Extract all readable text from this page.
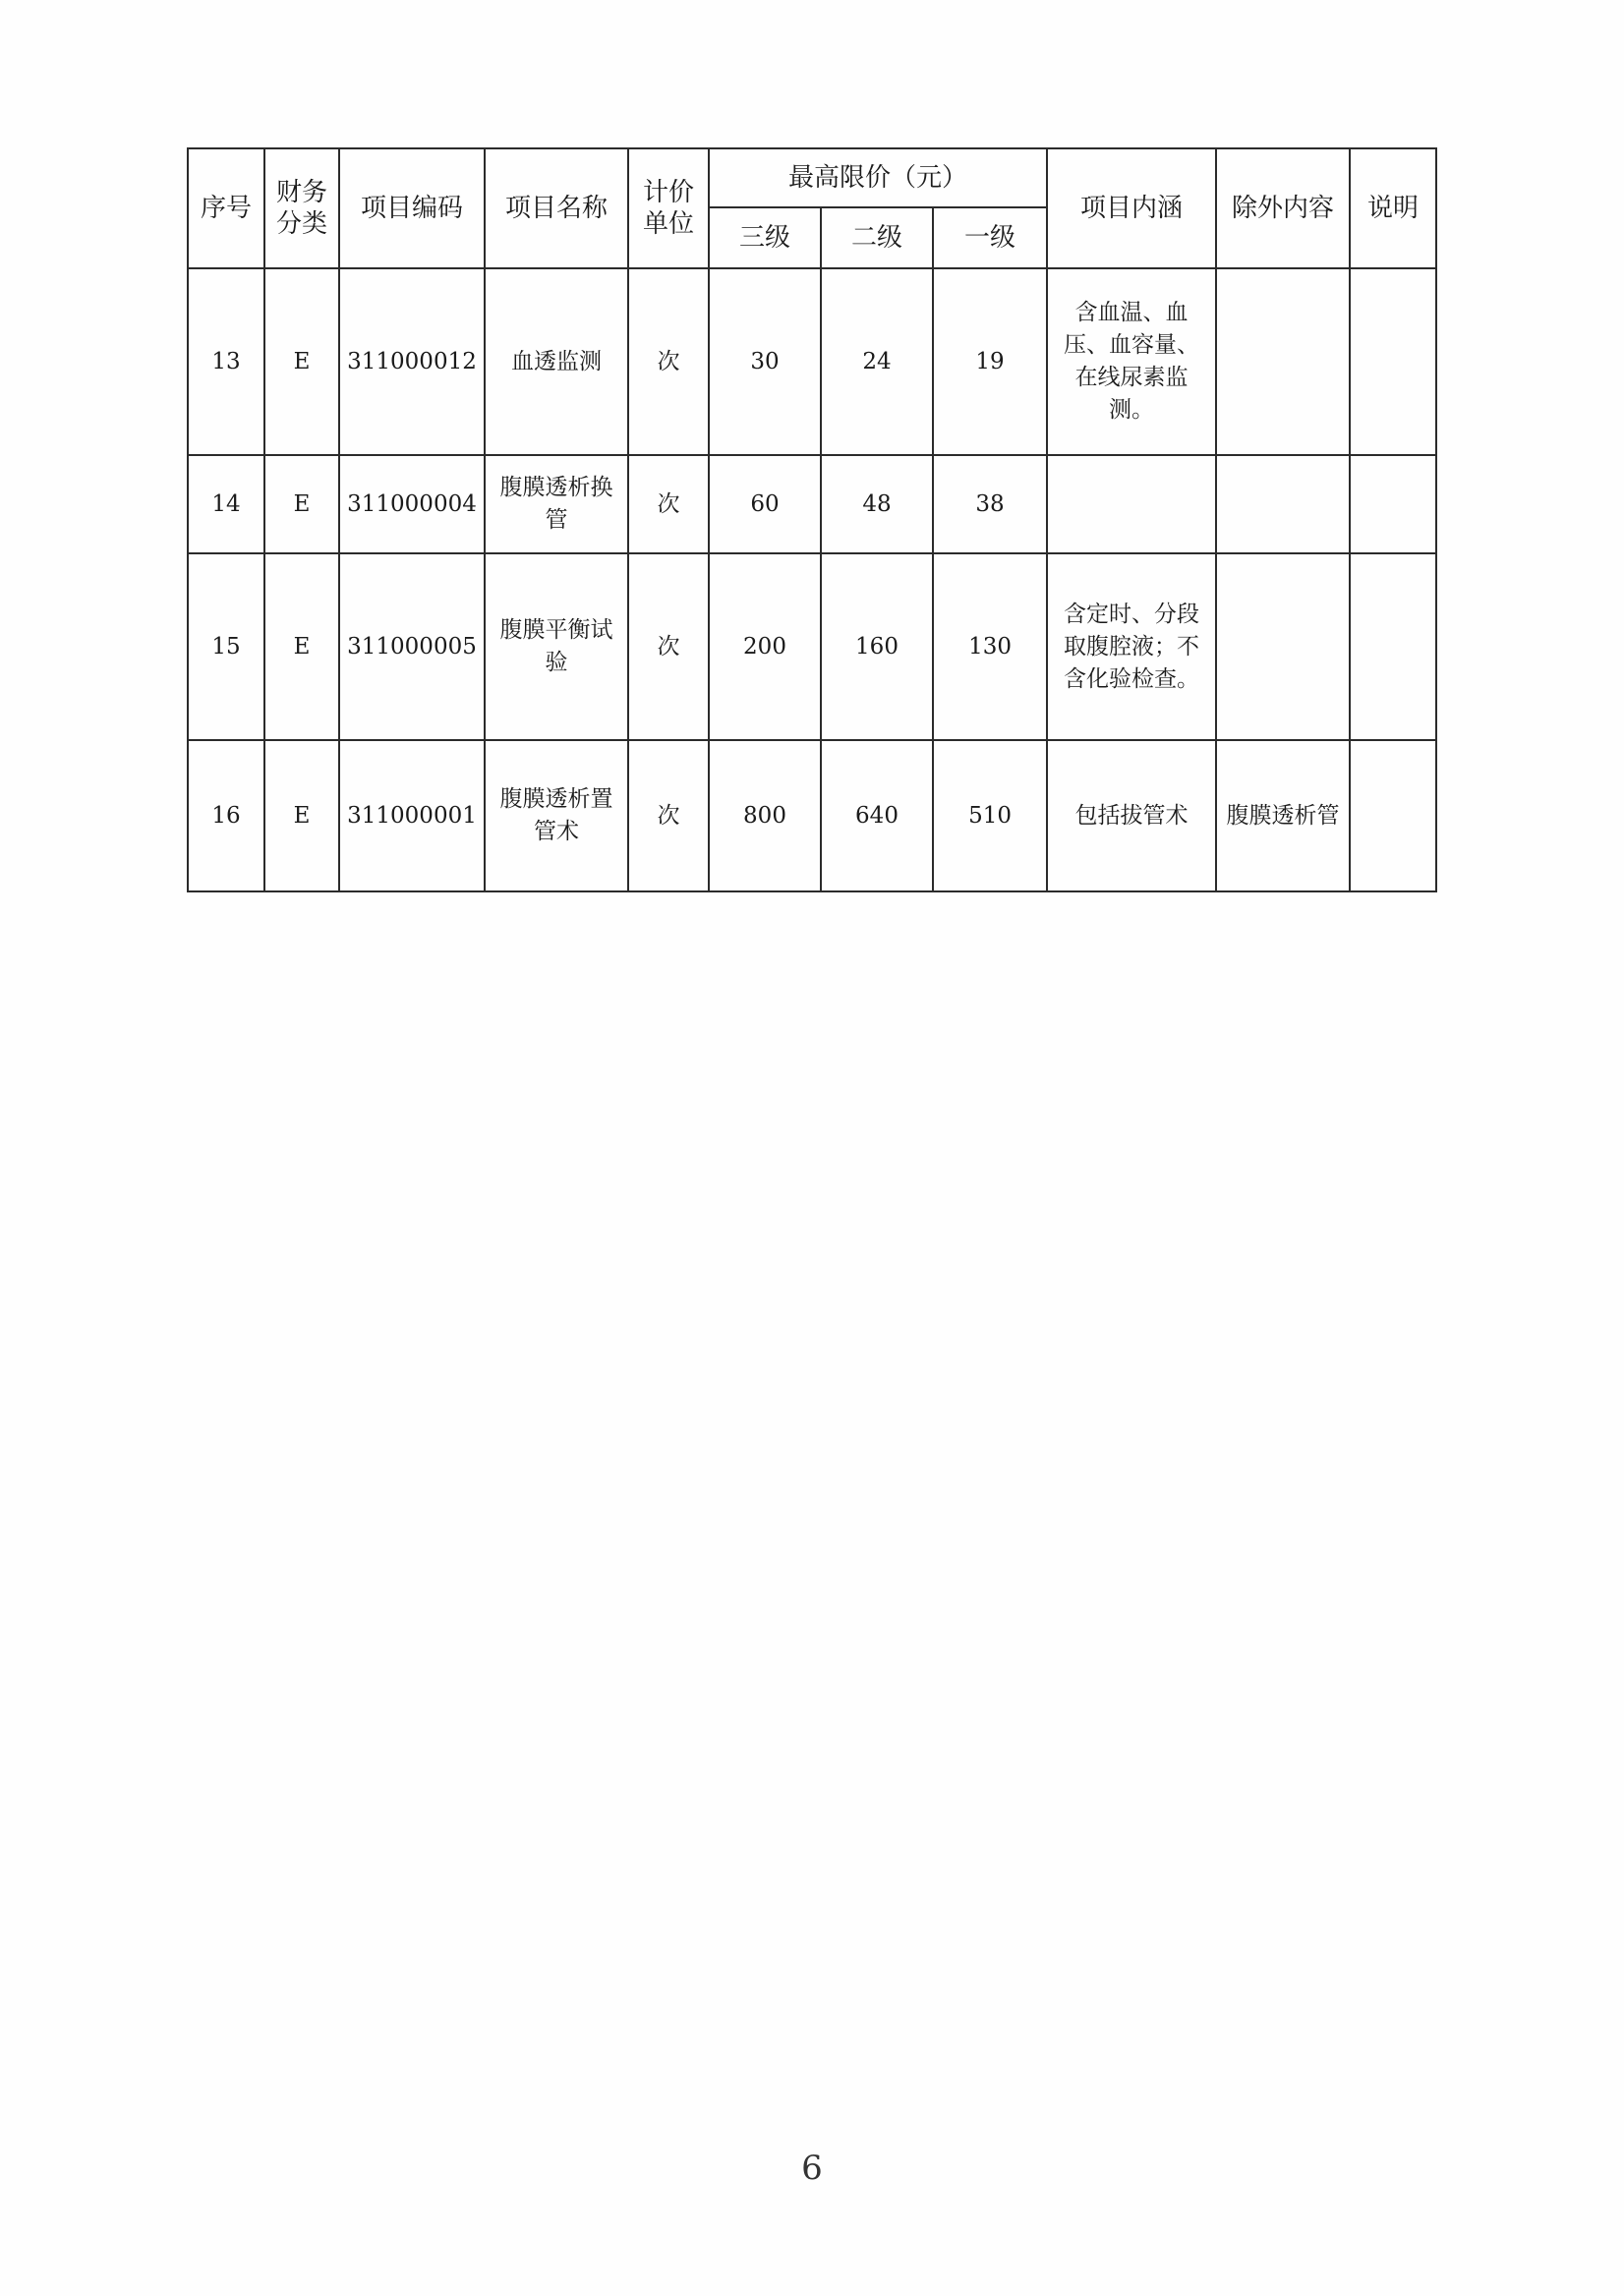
序号	财务分类	项目编码	项目名称	计价单位	最高限价（元）			项目内涵	除外内容	说明
					三级	二级	一级			
13	E	311000012	血透监测	次	30	24	19	含血温、血压、血容量、在线尿素监测。		
14	E	311000004	腹膜透析换管	次	60	48	38			
15	E	311000005	腹膜平衡试验	次	200	160	130	含定时、分段取腹腔液；不含化验检查。		
16	E	311000001	腹膜透析置管术	次	800	640	510	包括拔管术	腹膜透析管	
6
